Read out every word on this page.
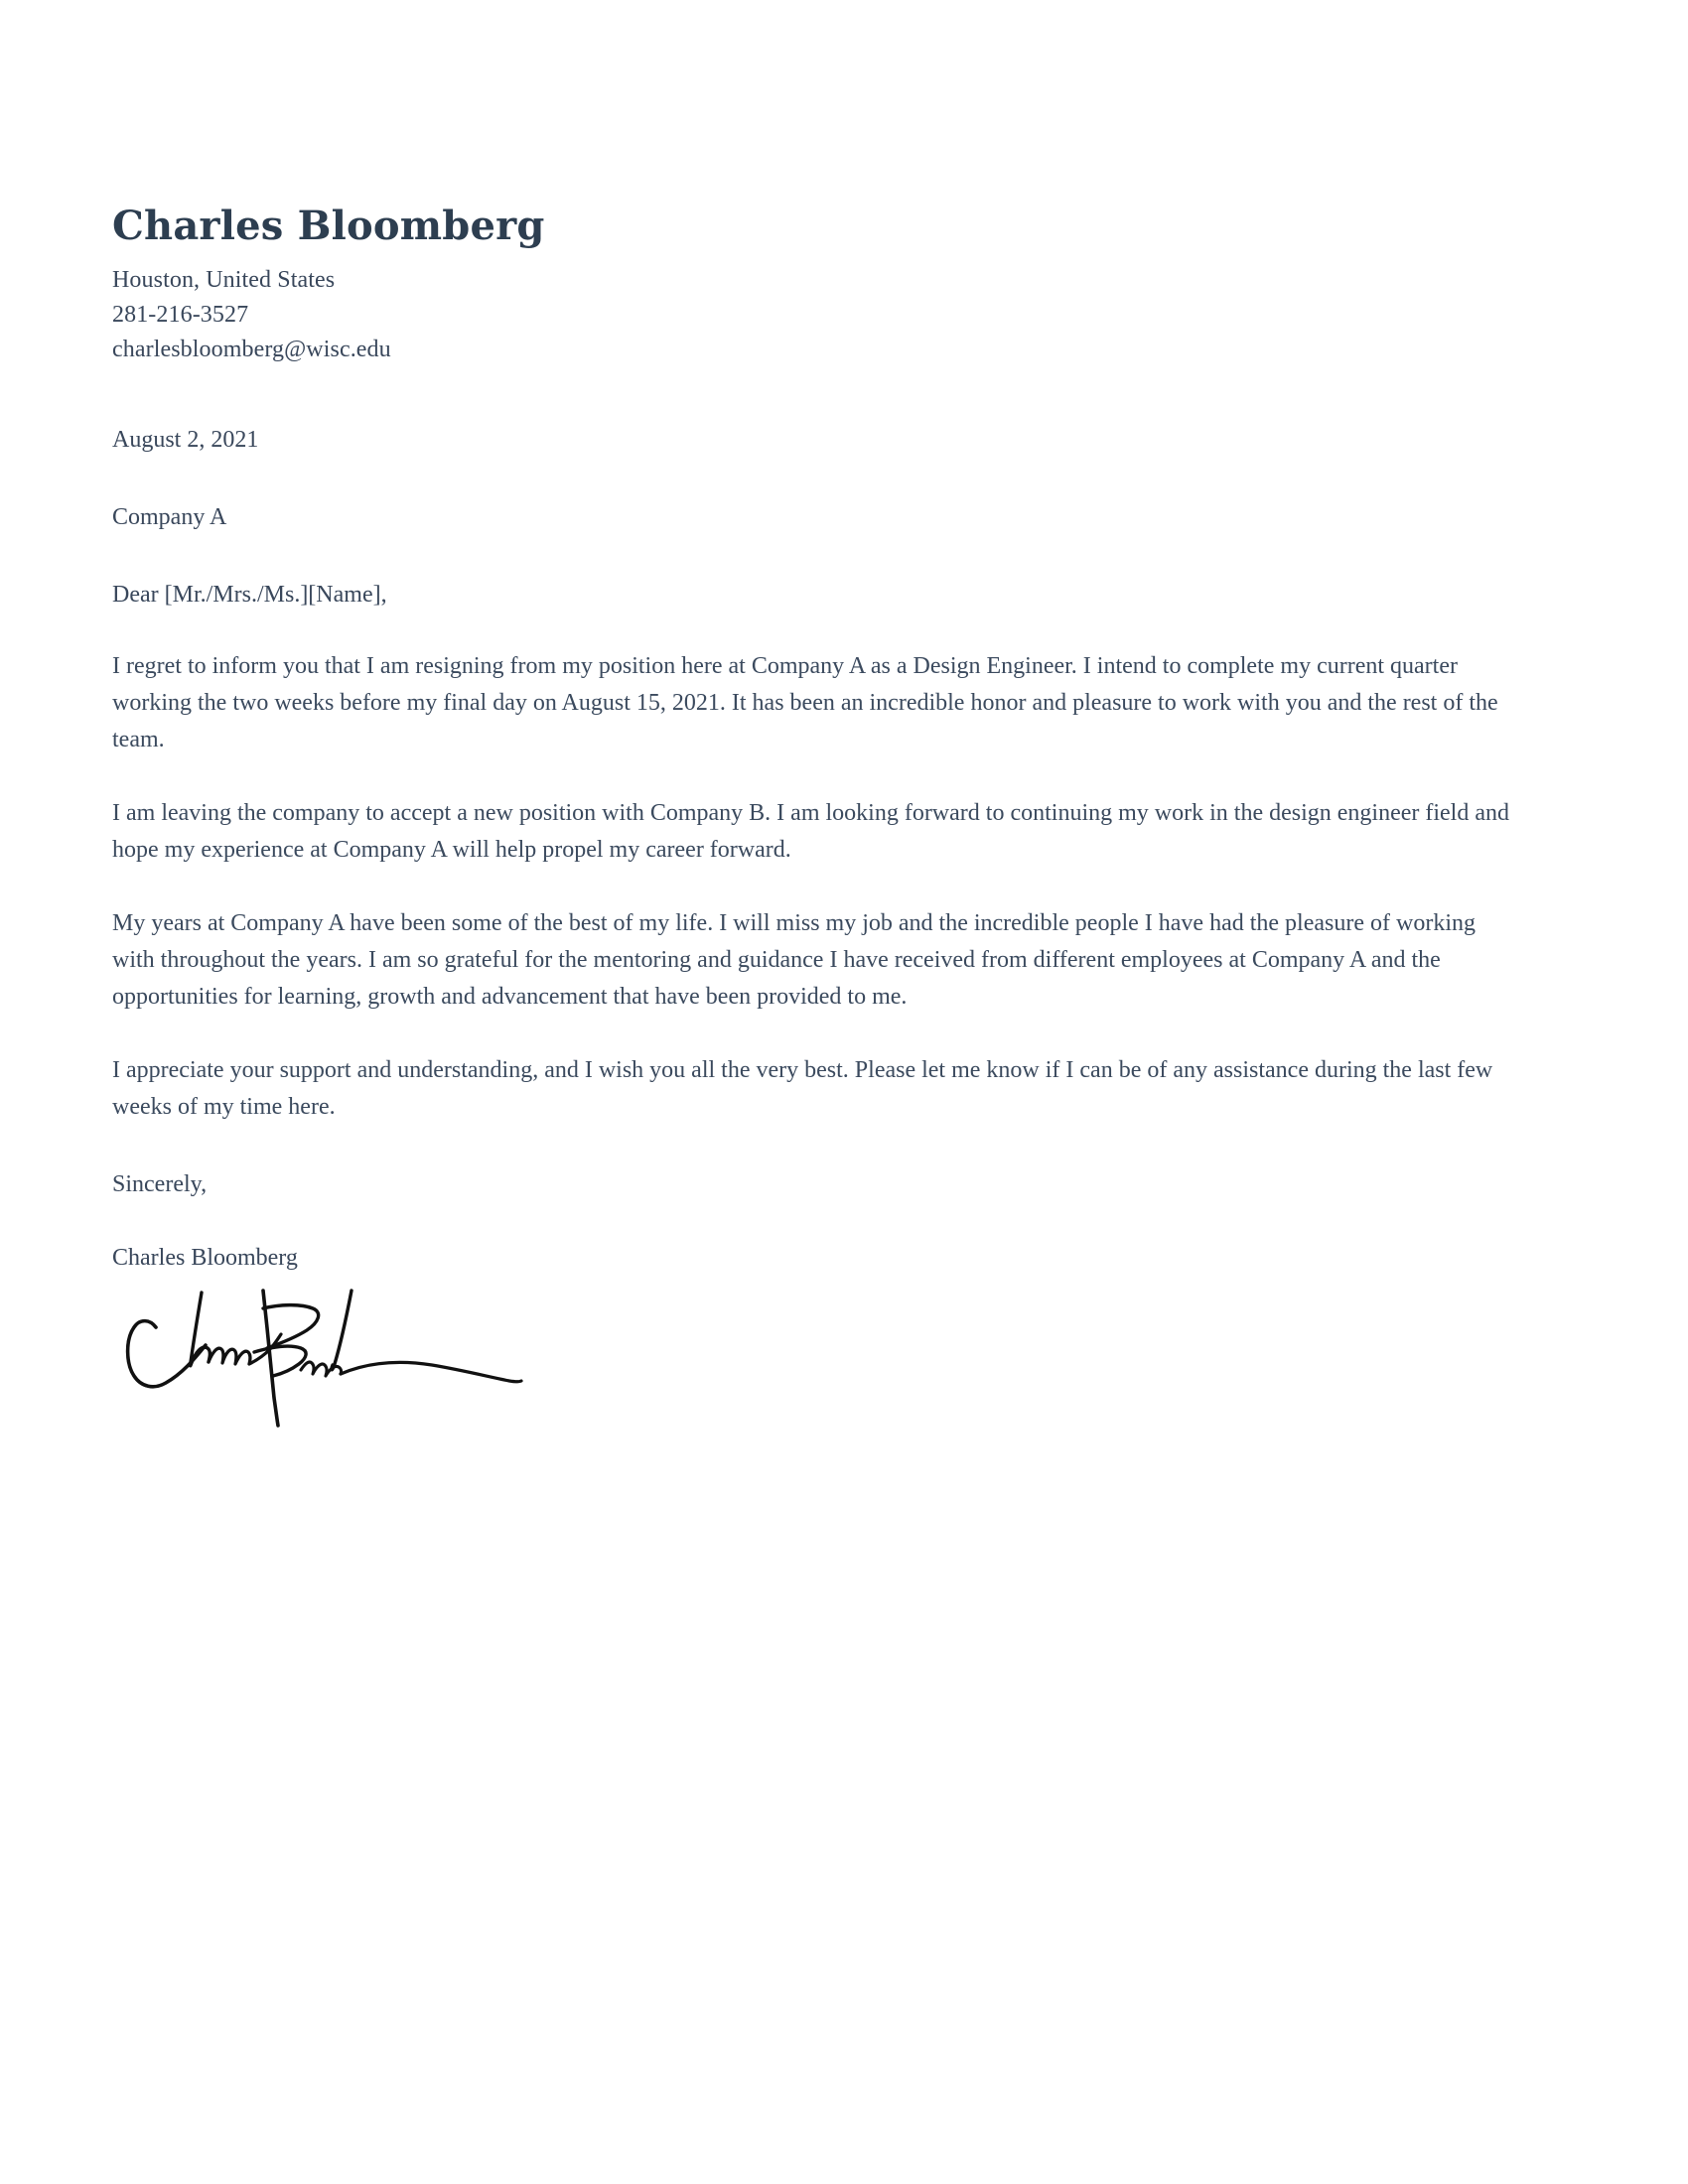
Charles Bloomberg
Houston, United States
281-216-3527
charlesbloomberg@wisc.edu
August 2, 2021
Company A
Dear [Mr./Mrs./Ms.][Name],

I regret to inform you that I am resigning from my position here at Company A as a Design Engineer. I intend to complete my current quarter working the two weeks before my final day on August 15, 2021. It has been an incredible honor and pleasure to work with you and the rest of the team.

I am leaving the company to accept a new position with Company B. I am looking forward to continuing my work in the design engineer field and hope my experience at Company A will help propel my career forward.

My years at Company A have been some of the best of my life. I will miss my job and the incredible people I have had the pleasure of working with throughout the years. I am so grateful for the mentoring and guidance I have received from different employees at Company A and the opportunities for learning, growth and advancement that have been provided to me.

I appreciate your support and understanding, and I wish you all the very best. Please let me know if I can be of any assistance during the last few weeks of my time here.

Sincerely,
Charles Bloomberg
